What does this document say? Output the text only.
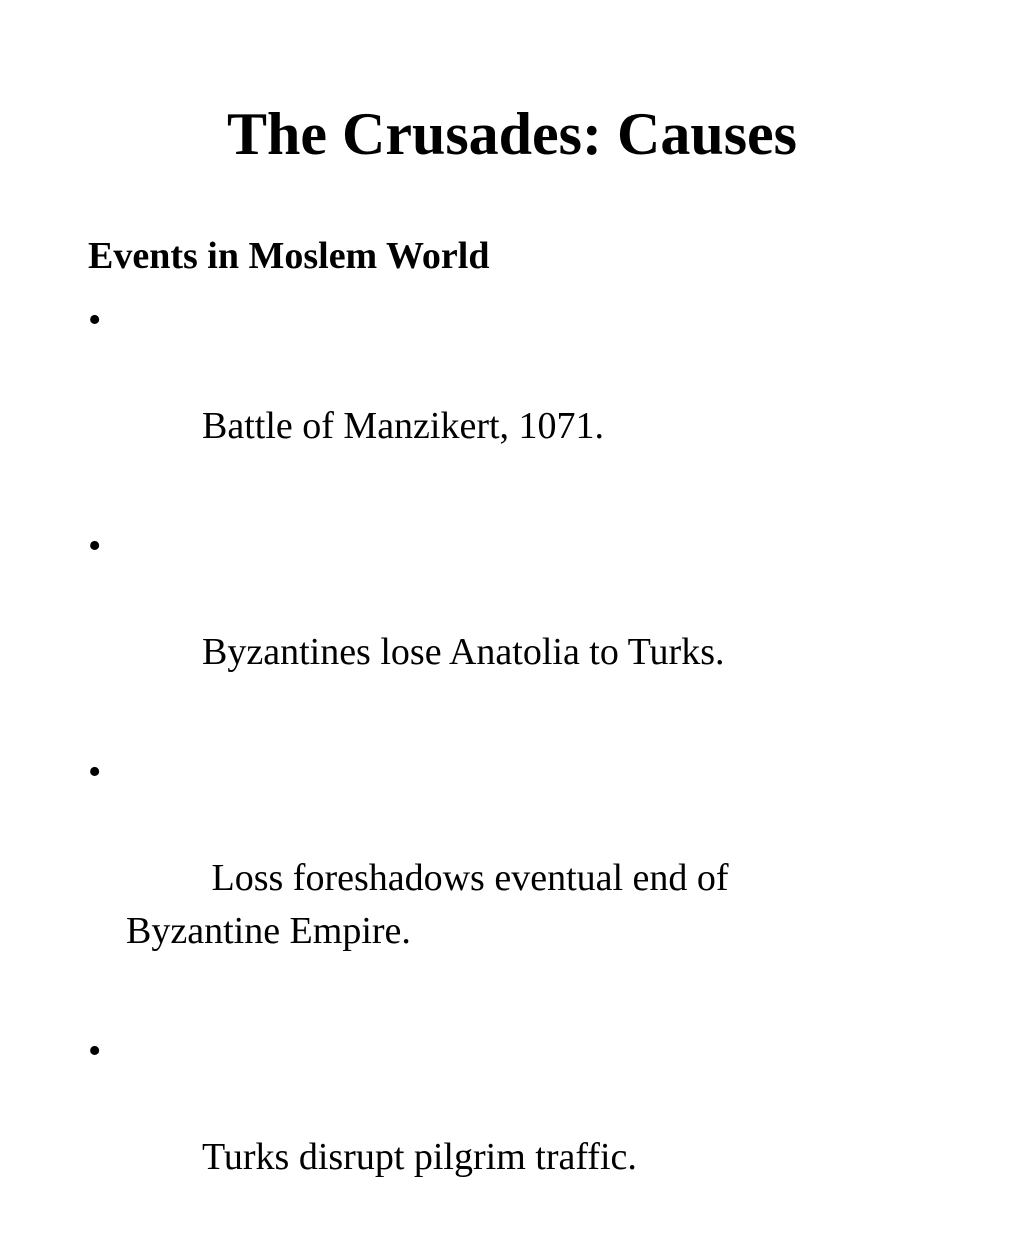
The Crusades: Causes

Events in Moslem World

•

Battle of Manzikert, 1071.

•

Byzantines lose Anatolia to Turks.

•

Loss foreshadows eventual end of Byzantine Empire.

•

Turks disrupt pilgrim traffic.
